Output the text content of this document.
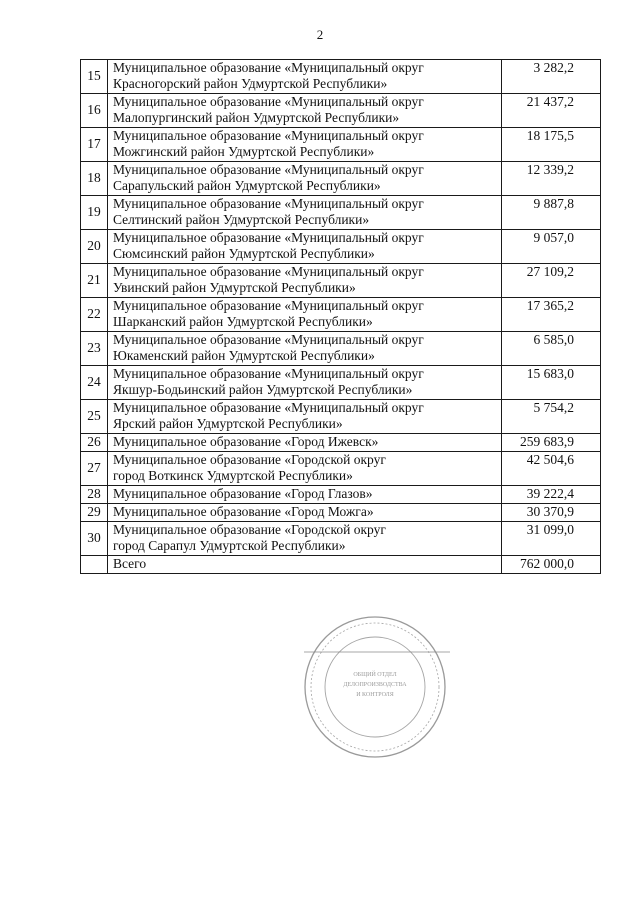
2
15	Муниципальное образование «Муниципальный округ
Красногорский район Удмуртской Республики»	3 282,2
16	Муниципальное образование «Муниципальный округ
Малопургинский район Удмуртской Республики»	21 437,2
17	Муниципальное образование «Муниципальный округ
Можгинский район Удмуртской Республики»	18 175,5
18	Муниципальное образование «Муниципальный округ
Сарапульский район Удмуртской Республики»	12 339,2
19	Муниципальное образование «Муниципальный округ
Селтинский район Удмуртской Республики»	9 887,8
20	Муниципальное образование «Муниципальный округ
Сюмсинский район Удмуртской Республики»	9 057,0
21	Муниципальное образование «Муниципальный округ
Увинский район Удмуртской Республики»	27 109,2
22	Муниципальное образование «Муниципальный округ
Шарканский район Удмуртской Республики»	17 365,2
23	Муниципальное образование «Муниципальный округ
Юкаменский район Удмуртской Республики»	6 585,0
24	Муниципальное образование «Муниципальный округ
Якшур-Бодьинский район Удмуртской Республики»	15 683,0
25	Муниципальное образование «Муниципальный округ
Ярский район Удмуртской Республики»	5 754,2
26	Муниципальное образование «Город Ижевск»	259 683,9
27	Муниципальное образование «Городской округ
город Воткинск Удмуртской Республики»	42 504,6
28	Муниципальное образование «Город Глазов»	39 222,4
29	Муниципальное образование «Город Можга»	30 370,9
30	Муниципальное образование «Городской округ
город Сарапул Удмуртской Республики»	31 099,0
	Всего	762 000,0
ОБЩИЙ ОТДЕЛ
ДЕЛОПРОИЗВОДСТВА
И КОНТРОЛЯ
